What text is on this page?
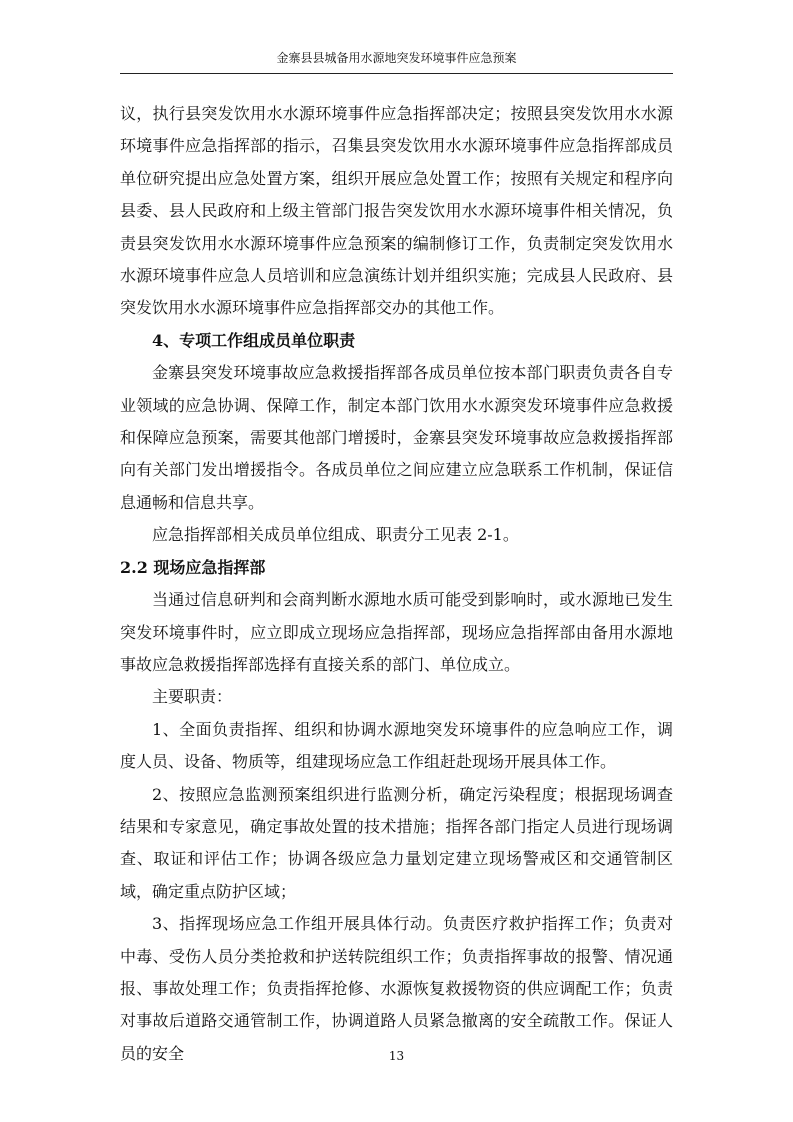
金寨县县城备用水源地突发环境事件应急预案

议，执行县突发饮用水水源环境事件应急指挥部决定；按照县突发饮用水水源环境事件应急指挥部的指示，召集县突发饮用水水源环境事件应急指挥部成员单位研究提出应急处置方案，组织开展应急处置工作；按照有关规定和程序向县委、县人民政府和上级主管部门报告突发饮用水水源环境事件相关情况，负责县突发饮用水水源环境事件应急预案的编制修订工作，负责制定突发饮用水水源环境事件应急人员培训和应急演练计划并组织实施；完成县人民政府、县突发饮用水水源环境事件应急指挥部交办的其他工作。

4、专项工作组成员单位职责

金寨县突发环境事故应急救援指挥部各成员单位按本部门职责负责各自专业领域的应急协调、保障工作，制定本部门饮用水水源突发环境事件应急救援和保障应急预案，需要其他部门增援时，金寨县突发环境事故应急救援指挥部向有关部门发出增援指令。各成员单位之间应建立应急联系工作机制，保证信息通畅和信息共享。

应急指挥部相关成员单位组成、职责分工见表 2-1。

2.2 现场应急指挥部

当通过信息研判和会商判断水源地水质可能受到影响时，或水源地已发生突发环境事件时，应立即成立现场应急指挥部，现场应急指挥部由备用水源地事故应急救援指挥部选择有直接关系的部门、单位成立。

主要职责：

1、全面负责指挥、组织和协调水源地突发环境事件的应急响应工作，调度人员、设备、物质等，组建现场应急工作组赶赴现场开展具体工作。

2、按照应急监测预案组织进行监测分析，确定污染程度；根据现场调查结果和专家意见，确定事故处置的技术措施；指挥各部门指定人员进行现场调查、取证和评估工作；协调各级应急力量划定建立现场警戒区和交通管制区域，确定重点防护区域；

3、指挥现场应急工作组开展具体行动。负责医疗救护指挥工作；负责对中毒、受伤人员分类抢救和护送转院组织工作；负责指挥事故的报警、情况通报、事故处理工作；负责指挥抢修、水源恢复救援物资的供应调配工作；负责对事故后道路交通管制工作，协调道路人员紧急撤离的安全疏散工作。保证人员的安全	13
